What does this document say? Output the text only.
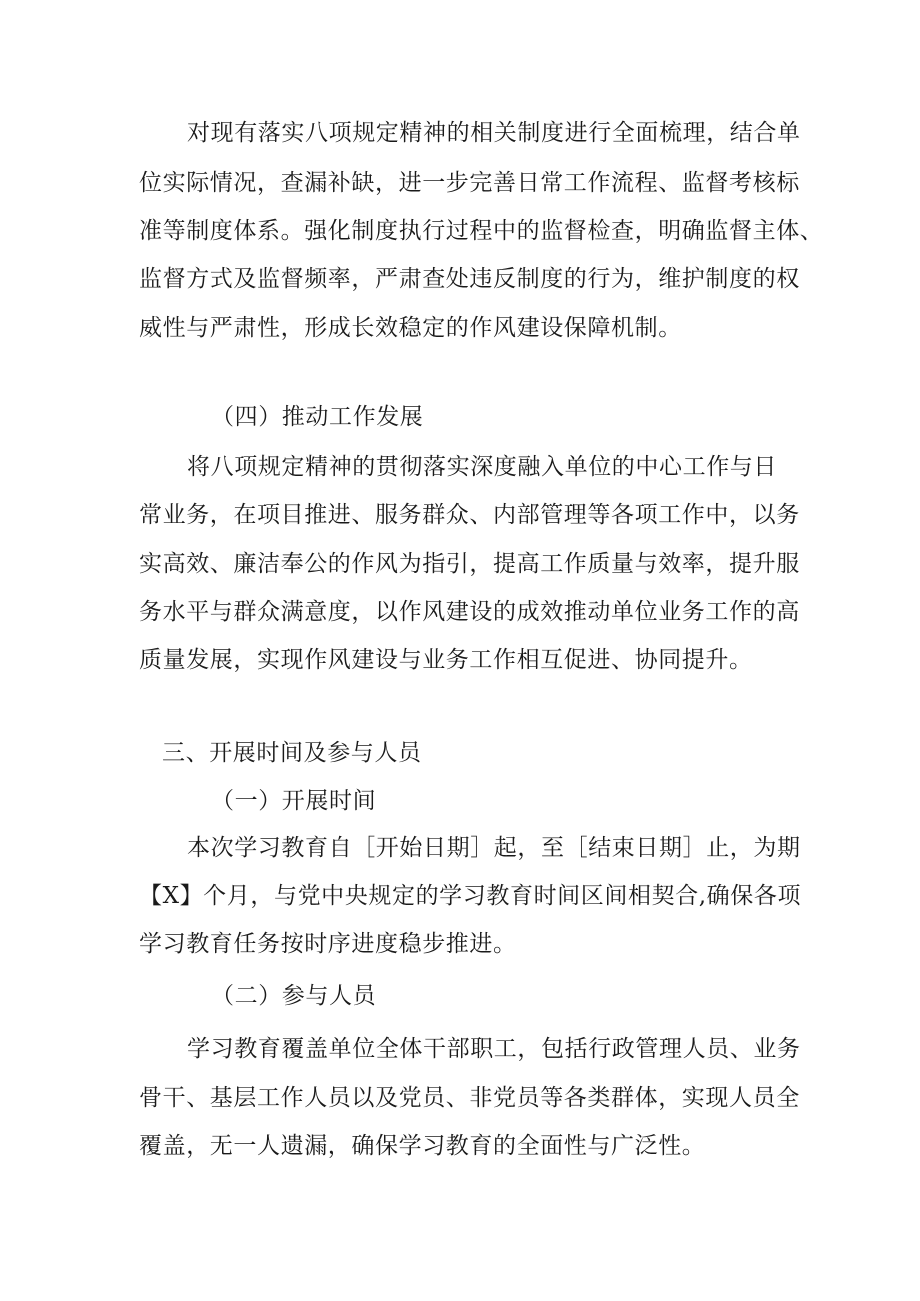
对现有落实八项规定精神的相关制度进行全面梳理，结合单

位实际情况，查漏补缺，进一步完善日常工作流程、监督考核标

准等制度体系。强化制度执行过程中的监督检查，明确监督主体、

监督方式及监督频率，严肃查处违反制度的行为，维护制度的权

威性与严肃性，形成长效稳定的作风建设保障机制。

（四）推动工作发展

将八项规定精神的贯彻落实深度融入单位的中心工作与日

常业务，在项目推进、服务群众、内部管理等各项工作中，以务

实高效、廉洁奉公的作风为指引，提高工作质量与效率，提升服

务水平与群众满意度，以作风建设的成效推动单位业务工作的高

质量发展，实现作风建设与业务工作相互促进、协同提升。

三、开展时间及参与人员

（一）开展时间

本次学习教育自［开始日期］起，至［结束日期］止，为期

【X】个月，与党中央规定的学习教育时间区间相契合,确保各项

学习教育任务按时序进度稳步推进。

（二）参与人员

学习教育覆盖单位全体干部职工，包括行政管理人员、业务

骨干、基层工作人员以及党员、非党员等各类群体，实现人员全

覆盖，无一人遗漏，确保学习教育的全面性与广泛性。
